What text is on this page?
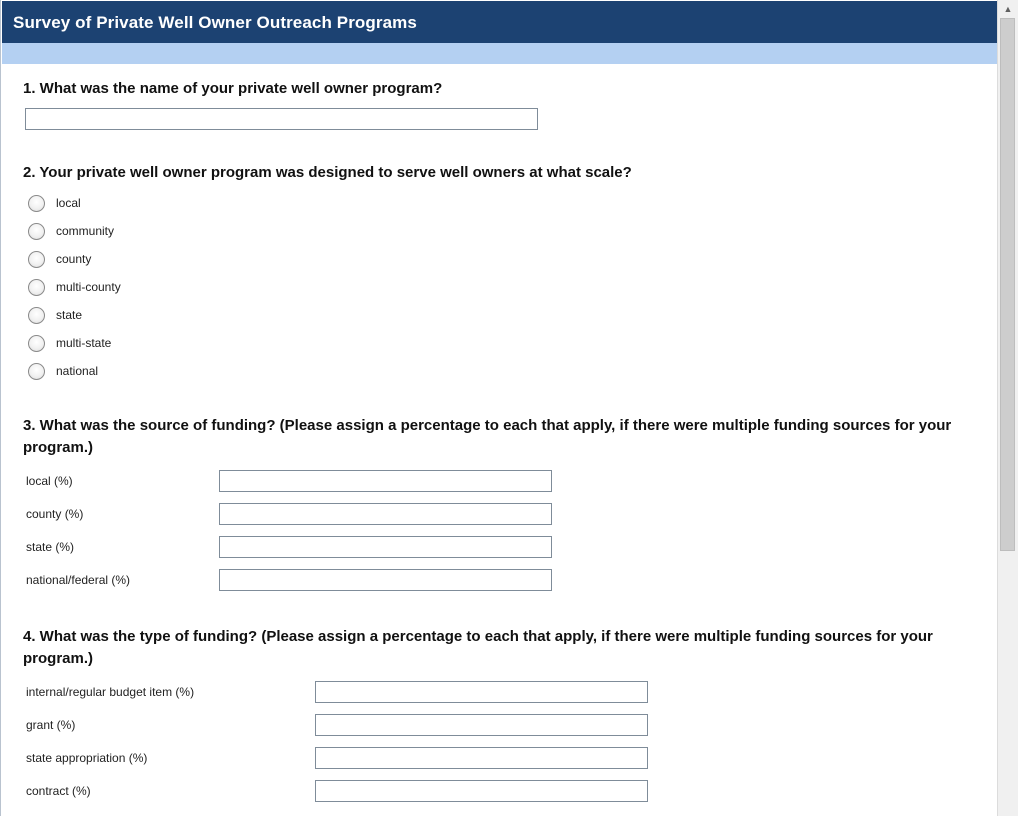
Survey of Private Well Owner Outreach Programs
1. What was the name of your private well owner program?
2. Your private well owner program was designed to serve well owners at what scale?
local
community
county
multi-county
state
multi-state
national
3. What was the source of funding? (Please assign a percentage to each that apply, if there were multiple funding sources for your program.)
local (%)
county (%)
state (%)
national/federal (%)
4. What was the type of funding? (Please assign a percentage to each that apply, if there were multiple funding sources for your program.)
internal/regular budget item (%)
grant (%)
state appropriation (%)
contract (%)
▲
